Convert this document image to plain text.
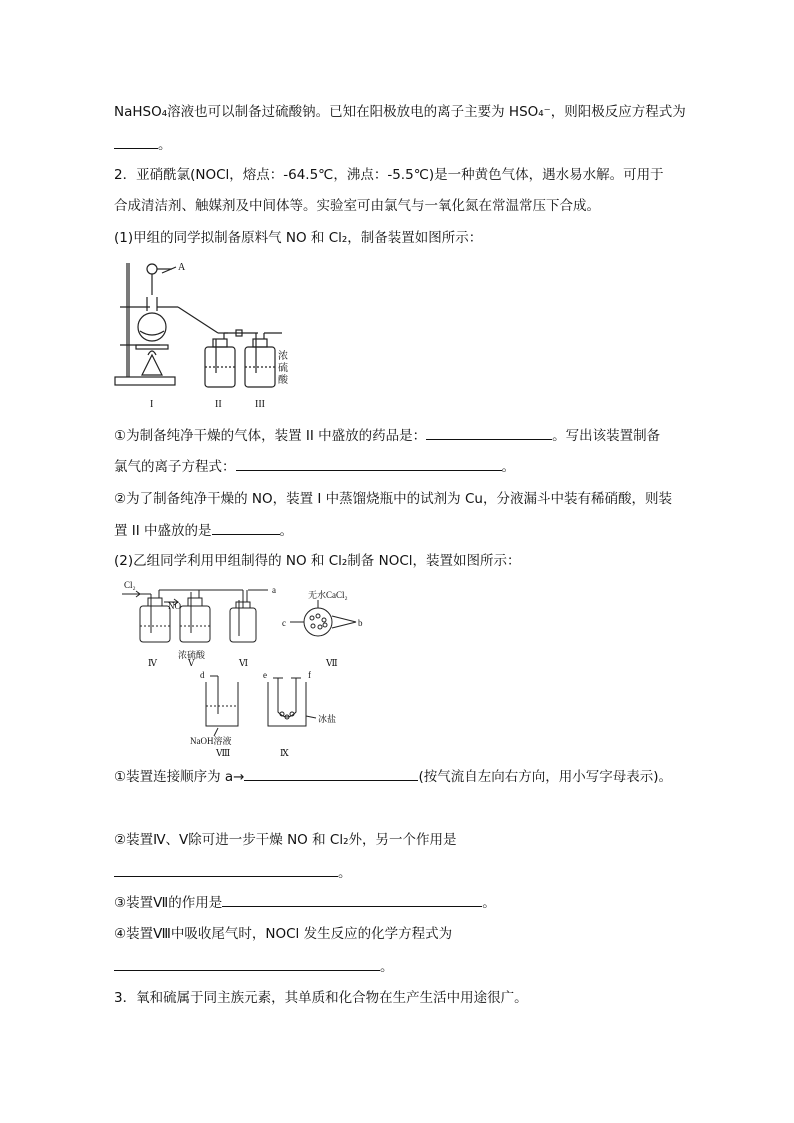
NaHSO₄溶液也可以制备过硫酸钠。已知在阳极放电的离子主要为 HSO₄⁻，则阳极反应方程式为
。
2．亚硝酰氯(NOCl，熔点：-64.5℃，沸点：-5.5℃)是一种黄色气体，遇水易水解。可用于
合成清洁剂、触媒剂及中间体等。实验室可由氯气与一氧化氮在常温常压下合成。
(1)甲组的同学拟制备原料气 NO 和 Cl₂，制备装置如图所示：
A
浓
硫
酸
I	II	III
①为制备纯净干燥的气体，装置 II 中盛放的药品是：	。写出该装置制备
氯气的离子方程式：	。
②为了制备纯净干燥的 NO，装置 I 中蒸馏烧瓶中的试剂为 Cu，分液漏斗中装有稀硝酸，则装
置 II 中盛放的是	。
(2)乙组同学利用甲组制得的 NO 和 Cl₂制备 NOCl，装置如图所示：
Cl₂
NO
a
浓硫酸
Ⅳ	Ⅴ	Ⅵ
无水CaCl₂
c	b
Ⅶ
d
NaOH溶液
Ⅷ
e	f
冰盐
Ⅸ
①装置连接顺序为 a→	(按气流自左向右方向，用小写字母表示)。
②装置Ⅳ、Ⅴ除可进一步干燥 NO 和 Cl₂外，另一个作用是
。
③装置Ⅶ的作用是	。
④装置Ⅷ中吸收尾气时，NOCl 发生反应的化学方程式为
。
3．氧和硫属于同主族元素，其单质和化合物在生产生活中用途很广。
